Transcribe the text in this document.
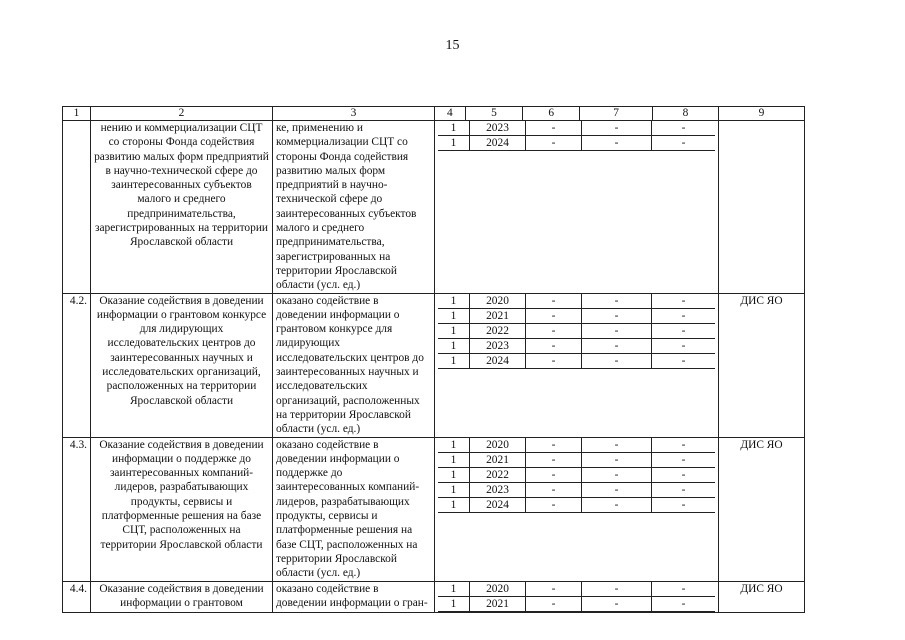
15
1	2	3	4	5	6	7	8	9
	нению и коммерциализации СЦТ со стороны Фонда содействия развитию малых форм предприятий в научно-технической сфере до заинтересованных субъектов малого и среднего предпринимательства, зарегистрированных на территории Ярославской области	ке, применению и коммерциализации СЦТ со стороны Фонда содействия развитию малых форм предприятий в научно-технической сфере до заинтересованных субъектов малого и среднего предпринимательства, зарегистрированных на территории Ярославской области (усл. ед.)	
1	2023	-	-	-
1	2024	-	-	-

4.2.	Оказание содействия в доведении информации о грантовом конкурсе для лидирующих исследовательских центров до заинтересованных научных и исследовательских организаций, расположенных на территории Ярославской области	оказано содействие в доведении информации о грантовом конкурсе для лидирующих исследовательских центров до заинтересованных научных и исследовательских организаций, расположенных на территории Ярославской области (усл. ед.)	
1	2020	-	-	-
1	2021	-	-	-
1	2022	-	-	-
1	2023	-	-	-
1	2024	-	-	-
	ДИС ЯО
4.3.	Оказание содействия в доведении информации о поддержке до заинтересованных компаний-лидеров, разрабатывающих продукты, сервисы и платформенные решения на базе СЦТ, расположенных на территории Ярославской области	оказано содействие в доведении информации о поддержке до заинтересованных компаний-лидеров, разрабатывающих продукты, сервисы и платформенные решения на базе СЦТ, расположенных на территории Ярославской области (усл. ед.)	
1	2020	-	-	-
1	2021	-	-	-
1	2022	-	-	-
1	2023	-	-	-
1	2024	-	-	-
	ДИС ЯО
4.4.	Оказание содействия в доведении информации о грантовом	оказано содействие в доведении информации о гран-	
1	2020	-	-	-
1	2021	-	-	-
	ДИС ЯО
